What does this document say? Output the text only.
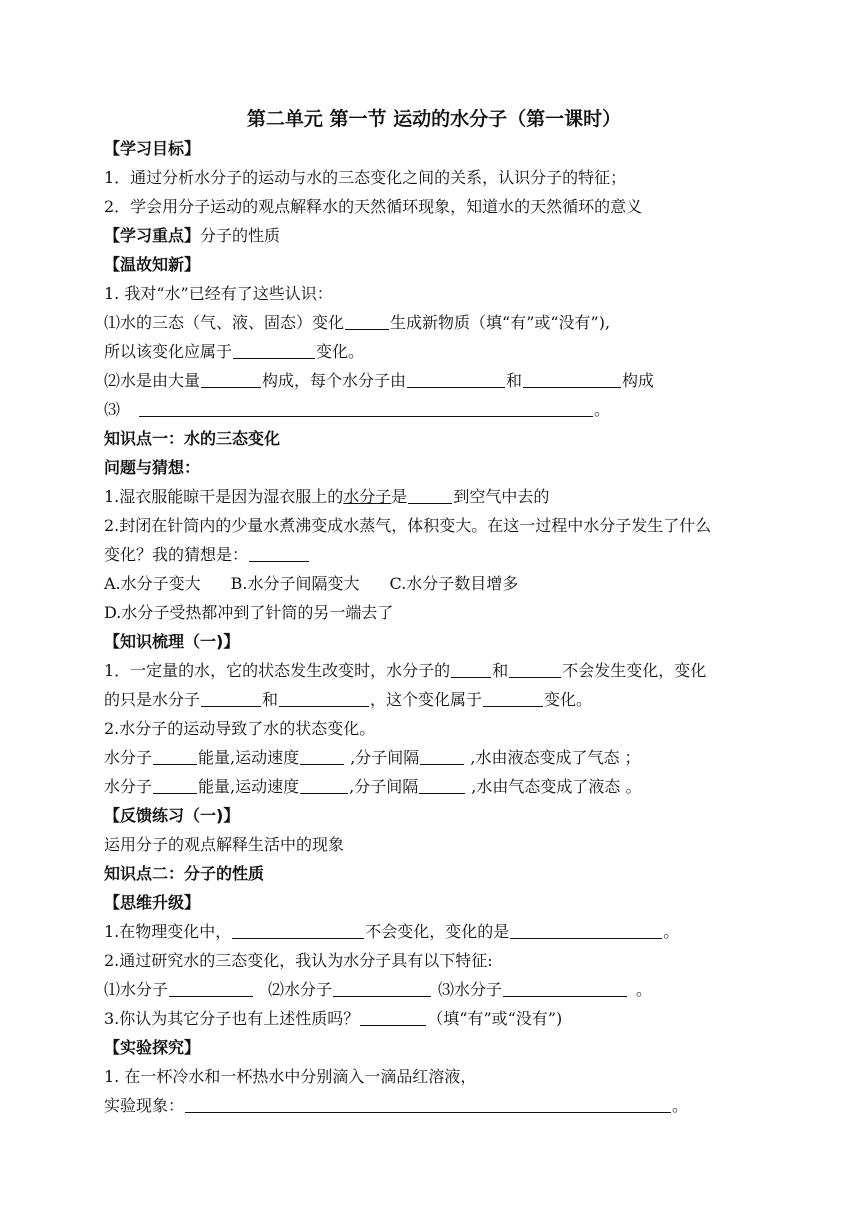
第二单元 第一节 运动的水分子（第一课时）
【学习目标】
1．通过分析水分子的运动与水的三态变化之间的关系，认识分子的特征；
2．学会用分子运动的观点解释水的天然循环现象，知道水的天然循环的意义
【学习重点】分子的性质
【温故知新】
1. 我对“水”已经有了这些认识：
⑴水的三态（气、液、固态）变化	生成新物质（填“有”或“没有”),
所以该变化应属于	变化。
⑵水是由大量	构成，每个水分子由	和	构成
⑶	。
知识点一：水的三态变化
问题与猜想：
1.湿衣服能晾干是因为湿衣服上的水分子是	到空气中去的
2.封闭在针筒内的少量水煮沸变成水蒸气，体积变大。在这一过程中水分子发生了什么
变化？我的猜想是：
A.水分子变大 B.水分子间隔变大 C.水分子数目增多
D.水分子受热都冲到了针筒的另一端去了
【知识梳理（一)】
1．一定量的水，它的状态发生改变时，水分子的	和	不会发生变化，变化
的只是水分子	和	，这个变化属于	变化。
2.水分子的运动导致了水的状态变化。
水分子	能量,运动速度	,分子间隔	,水由液态变成了气态 ；
水分子	能量,运动速度	,分子间隔	,水由气态变成了液态 。
【反馈练习（一)】
运用分子的观点解释生活中的现象
知识点二：分子的性质
【思维升级】
1.在物理变化中，	不会变化，变化的是	。
2.通过研究水的三态变化，我认为水分子具有以下特征:
⑴水分子	⑵水分子	⑶水分子	。
3.你认为其它分子也有上述性质吗？	（填“有”或“没有”)
【实验探究】
1. 在一杯冷水和一杯热水中分别滴入一滴品红溶液，
实验现象：	。
